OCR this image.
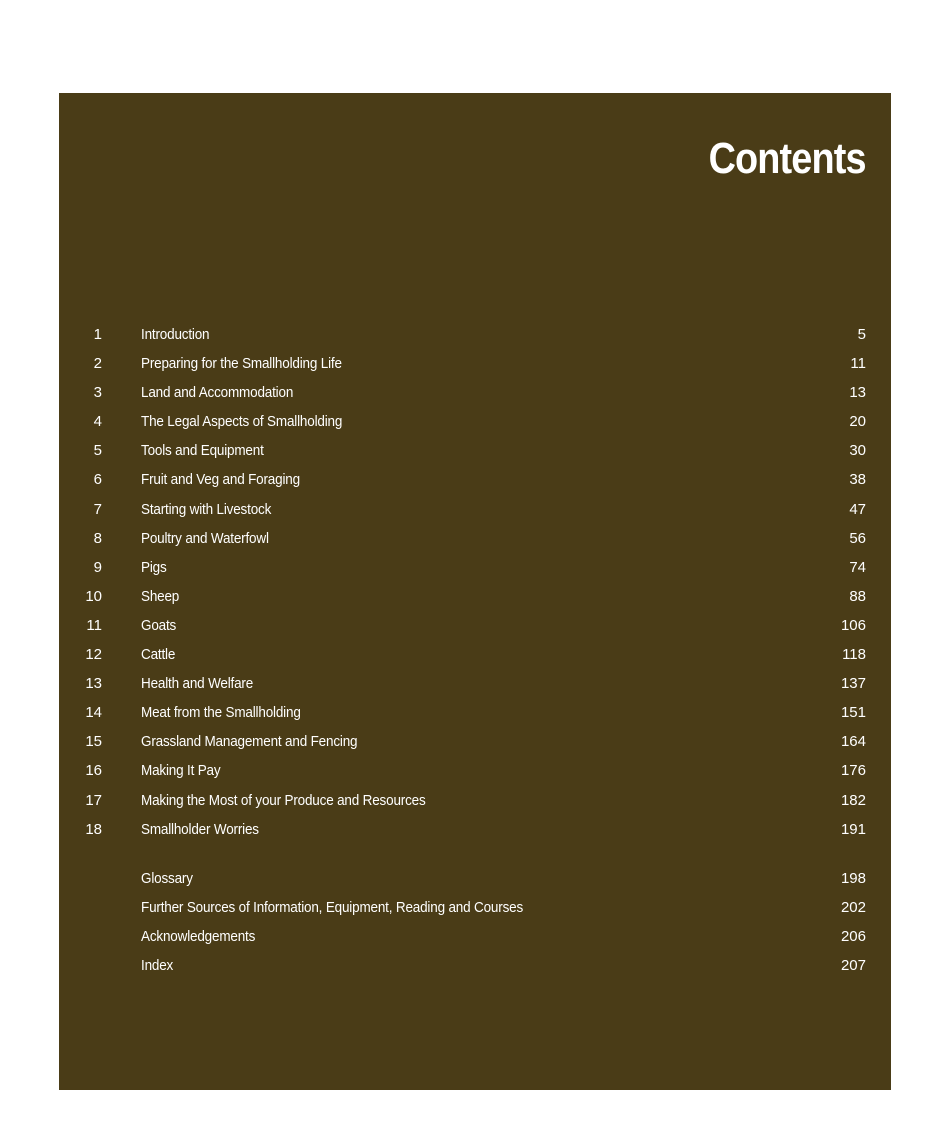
Contents
1	Introduction	5
2	Preparing for the Smallholding Life	11
3	Land and Accommodation	13
4	The Legal Aspects of Smallholding	20
5	Tools and Equipment	30
6	Fruit and Veg and Foraging	38
7	Starting with Livestock	47
8	Poultry and Waterfowl	56
9	Pigs	74
10	Sheep	88
11	Goats	106
12	Cattle	118
13	Health and Welfare	137
14	Meat from the Smallholding	151
15	Grassland Management and Fencing	164
16	Making It Pay	176
17	Making the Most of your Produce and Resources	182
18	Smallholder Worries	191
Glossary	198
Further Sources of Information, Equipment, Reading and Courses	202
Acknowledgements	206
Index	207
